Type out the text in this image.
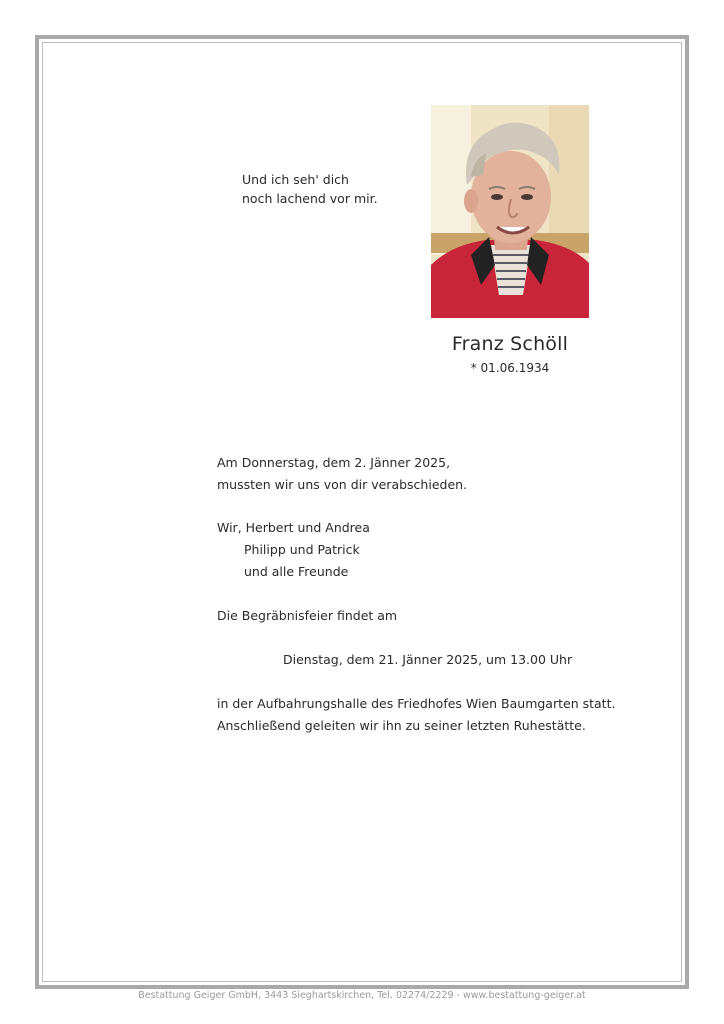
Und ich seh' dich
noch lachend vor mir.
Franz Schöll
* 01.06.1934
Am Donnerstag, dem 2. Jänner 2025,
mussten wir uns von dir verabschieden.
Wir, Herbert und Andrea
Philipp und Patrick
und alle Freunde
Die Begräbnisfeier findet am
Dienstag, dem 21. Jänner 2025, um 13.00 Uhr
in der Aufbahrungshalle des Friedhofes Wien Baumgarten statt.
Anschließend geleiten wir ihn zu seiner letzten Ruhestätte.
Bestattung Geiger GmbH, 3443 Sieghartskirchen, Tel. 02274/2229 - www.bestattung-geiger.at
